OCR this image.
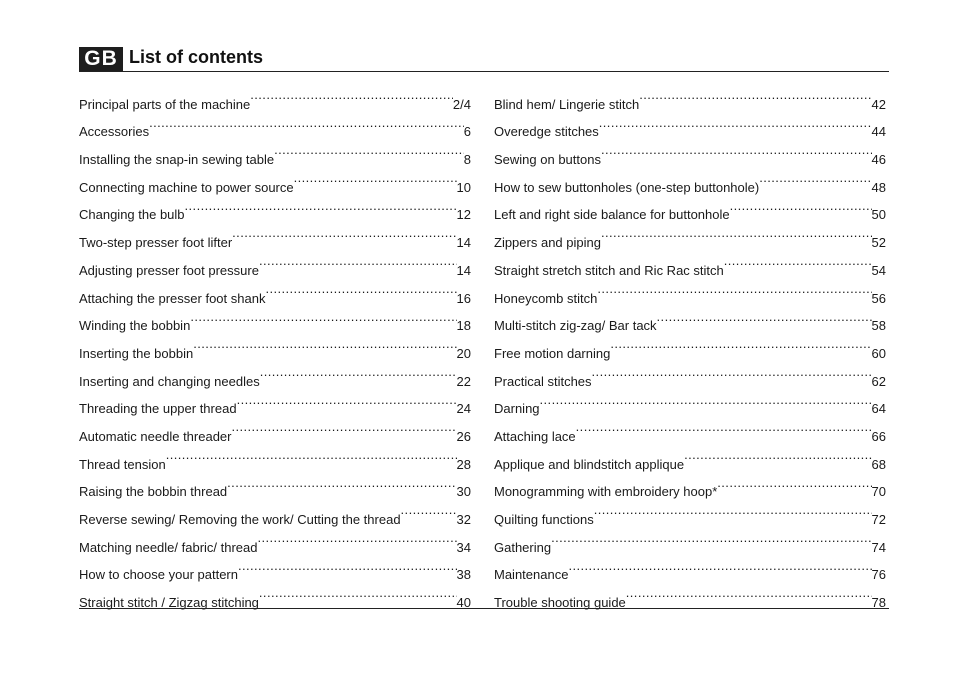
GB List of contents
Principal parts of the machine .....	2/4
Accessories .....	6
Installing the snap-in sewing table .....	8
Connecting machine to power source .....	10
Changing the bulb .....	12
Two-step presser foot lifter .....	14
Adjusting presser foot pressure .....	14
Attaching the presser foot shank .....	16
Winding the bobbin .....	18
Inserting the bobbin .....	20
Inserting and changing needles .....	22
Threading the upper thread .....	24
Automatic needle threader .....	26
Thread tension .....	28
Raising the bobbin thread .....	30
Reverse sewing/ Removing the work/ Cutting the thread .....	32
Matching needle/ fabric/ thread .....	34
How to choose your pattern .....	38
Straight stitch / Zigzag stitching .....	40
Blind hem/ Lingerie stitch .....	42
Overedge stitches .....	44
Sewing on buttons .....	46
How to sew buttonholes (one-step buttonhole) .....	48
Left and right side balance for buttonhole .....	50
Zippers and piping .....	52
Straight stretch stitch and Ric Rac stitch .....	54
Honeycomb stitch .....	56
Multi-stitch zig-zag/ Bar tack .....	58
Free motion darning .....	60
Practical stitches .....	62
Darning .....	64
Attaching lace .....	66
Applique and blindstitch applique .....	68
Monogramming with embroidery hoop* .....	70
Quilting functions .....	72
Gathering .....	74
Maintenance .....	76
Trouble shooting guide .....	78
